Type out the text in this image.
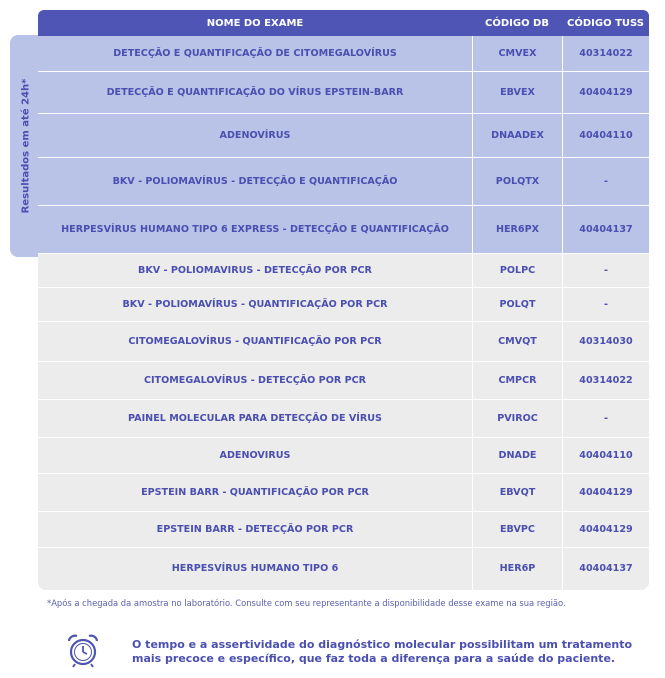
Resultados em até 24h*
NOME DO EXAME	CÓDIGO DB	CÓDIGO TUSS
DETECÇÃO E QUANTIFICAÇÃO DE CITOMEGALOVÍRUS	CMVEX	40314022
DETECÇÃO E QUANTIFICAÇÃO DO VÍRUS EPSTEIN-BARR	EBVEX	40404129
ADENOVÍRUS	DNAADEX	40404110
BKV - POLIOMAVÍRUS - DETECÇÃO E QUANTIFICAÇÃO	POLQTX	-
HERPESVÍRUS HUMANO TIPO 6 EXPRESS - DETECÇÃO E QUANTIFICAÇÃO	HER6PX	40404137
BKV - POLIOMAVIRUS - DETECÇÃO POR PCR	POLPC	-
BKV - POLIOMAVÍRUS - QUANTIFICAÇÃO POR PCR	POLQT	-
CITOMEGALOVÍRUS - QUANTIFICAÇÃO POR PCR	CMVQT	40314030
CITOMEGALOVÍRUS - DETECÇÃO POR PCR	CMPCR	40314022
PAINEL MOLECULAR PARA DETECÇÃO DE VÍRUS	PVIROC	-
ADENOVIRUS	DNADE	40404110
EPSTEIN BARR - QUANTIFICAÇÃO POR PCR	EBVQT	40404129
EPSTEIN BARR - DETECÇÃO POR PCR	EBVPC	40404129
HERPESVÍRUS HUMANO TIPO 6	HER6P	40404137
*Após a chegada da amostra no laboratório. Consulte com seu representante a disponibilidade desse exame na sua região.
O tempo e a assertividade do diagnóstico molecular possibilitam um tratamento mais precoce e específico, que faz toda a diferença para a saúde do paciente.
